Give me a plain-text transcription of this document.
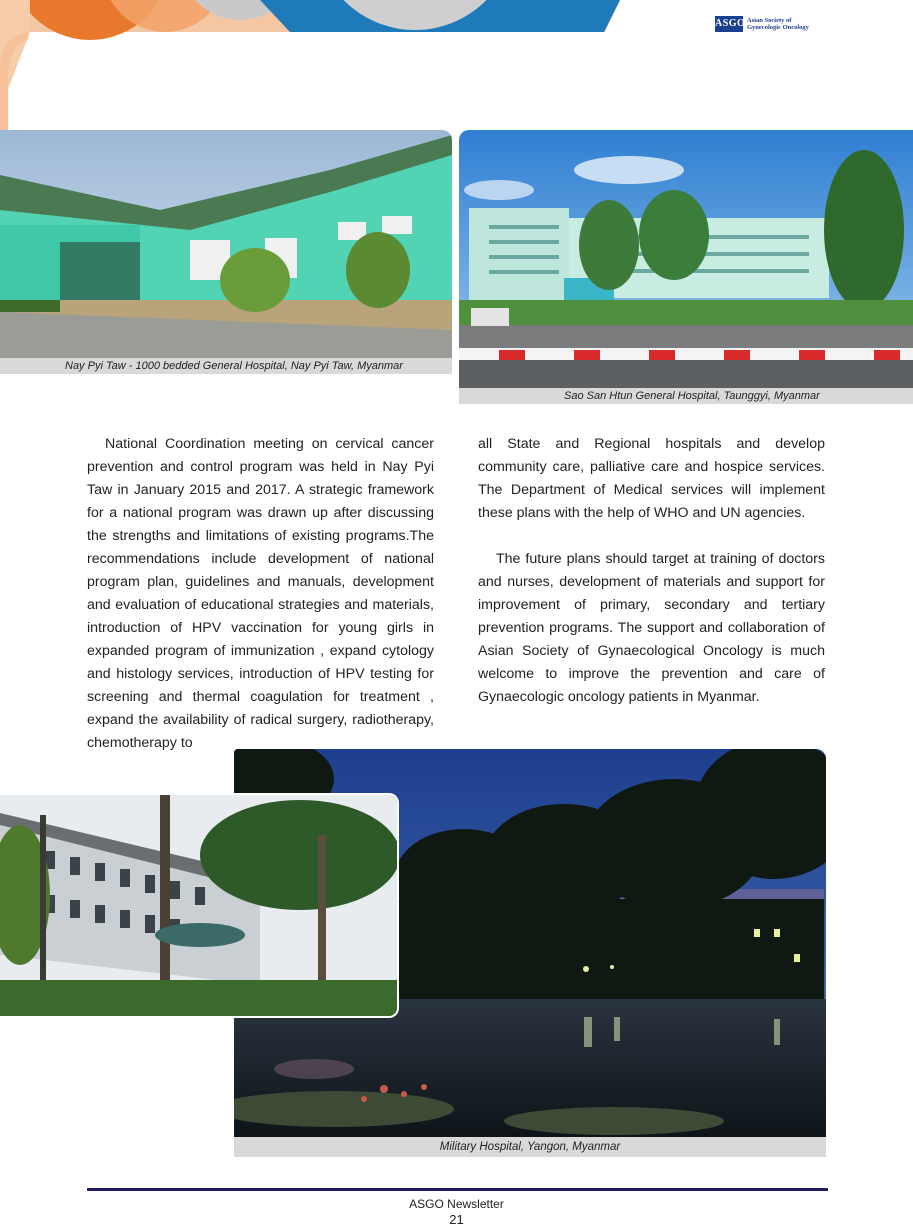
ASGO Asian Society of
Gynecologic Oncology
Nay Pyi Taw - 1000 bedded General Hospital, Nay Pyi Taw, Myanmar
Sao San Htun General Hospital, Taunggyi, Myanmar

National Coordination meeting on cervical cancer prevention and control program was held in Nay Pyi Taw in January 2015 and 2017. A strategic framework for a national program was drawn up after discussing the strengths and limitations of existing programs.The recommendations include development of national program plan, guidelines and manuals, development and evaluation of educational strategies and materials, introduction of HPV vaccination for young girls in expanded program of immunization , expand cytology and histology services, introduction of HPV testing for screening and thermal coagulation for treatment , expand the availability of radical surgery, radiotherapy, chemotherapy to

all State and Regional hospitals and develop community care, palliative care and hospice services. The Department of Medical services will implement these plans with the help of WHO and UN agencies.

The future plans should target at training of doctors and nurses, development of materials and support for improvement of primary, secondary and tertiary prevention programs. The support and collaboration of Asian Society of Gynaecological Oncology is much welcome to improve the prevention and care of Gynaecologic oncology patients in Myanmar.

Military Hospital, Yangon, Myanmar
ASGO Newsletter
21
